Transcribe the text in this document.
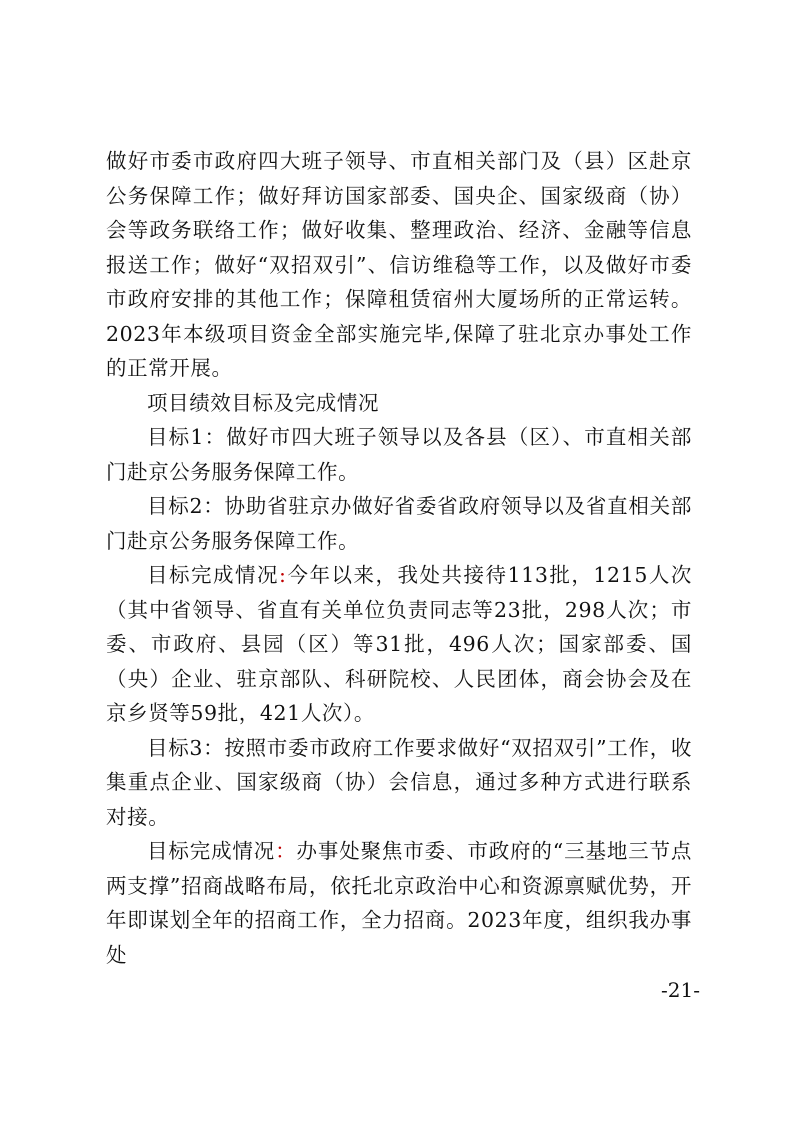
做好市委市政府四大班子领导、市直相关部门及（县）区赴京公务保障工作；做好拜访国家部委、国央企、国家级商（协）会等政务联络工作；做好收集、整理政治、经济、金融等信息报送工作；做好“双招双引”、信访维稳等工作，以及做好市委市政府安排的其他工作；保障租赁宿州大厦场所的正常运转。2023年本级项目资金全部实施完毕,保障了驻北京办事处工作的正常开展。

项目绩效目标及完成情况

目标1：做好市四大班子领导以及各县（区）、市直相关部门赴京公务服务保障工作。

目标2：协助省驻京办做好省委省政府领导以及省直相关部门赴京公务服务保障工作。

目标完成情况:今年以来，我处共接待113批，1215人次（其中省领导、省直有关单位负责同志等23批，298人次；市委、市政府、县园（区）等31批，496人次；国家部委、国（央）企业、驻京部队、科研院校、人民团体，商会协会及在京乡贤等59批，421人次）。

目标3：按照市委市政府工作要求做好“双招双引”工作，收集重点企业、国家级商（协）会信息，通过多种方式进行联系对接。

目标完成情况：办事处聚焦市委、市政府的“三基地三节点两支撑”招商战略布局，依托北京政治中心和资源禀赋优势，开年即谋划全年的招商工作，全力招商。2023年度，组织我办事处

-21-
